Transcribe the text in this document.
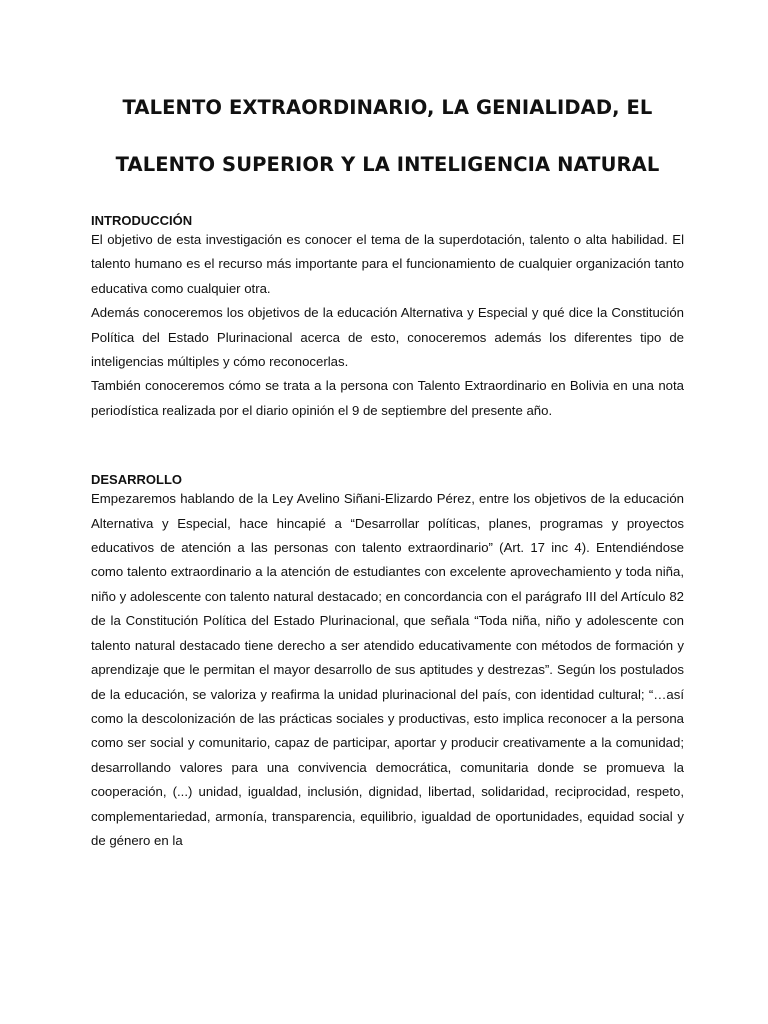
TALENTO EXTRAORDINARIO, LA GENIALIDAD, EL
TALENTO SUPERIOR Y LA INTELIGENCIA NATURAL
INTRODUCCIÓN

El objetivo de esta investigación es conocer el tema de la superdotación, talento o alta habilidad. El talento humano es el recurso más importante para el funcionamiento de cualquier organización tanto educativa como cualquier otra.

Además conoceremos los objetivos de la educación Alternativa y Especial y qué dice la Constitución Política del Estado Plurinacional acerca de esto, conoceremos además los diferentes tipo de inteligencias múltiples y cómo reconocerlas.

También conoceremos cómo se trata a la persona con Talento Extraordinario en Bolivia en una nota periodística realizada por el diario opinión el 9 de septiembre del presente año.

DESARROLLO

Empezaremos hablando de la Ley Avelino Siñani-Elizardo Pérez, entre los objetivos de la educación Alternativa y Especial, hace hincapié a “Desarrollar políticas, planes, programas y proyectos educativos de atención a las personas con talento extraordinario” (Art. 17 inc 4). Entendiéndose como talento extraordinario a la atención de estudiantes con excelente aprovechamiento y toda niña, niño y adolescente con talento natural destacado; en concordancia con el parágrafo III del Artículo 82 de la Constitución Política del Estado Plurinacional, que señala “Toda niña, niño y adolescente con talento natural destacado tiene derecho a ser atendido educativamente con métodos de formación y aprendizaje que le permitan el mayor desarrollo de sus aptitudes y destrezas”. Según los postulados de la educación, se valoriza y reafirma la unidad plurinacional del país, con identidad cultural; “…así como la descolonización de las prácticas sociales y productivas, esto implica reconocer a la persona como ser social y comunitario, capaz de participar, aportar y producir creativamente a la comunidad; desarrollando valores para una convivencia democrática, comunitaria donde se promueva la cooperación, (...) unidad, igualdad, inclusión, dignidad, libertad, solidaridad, reciprocidad, respeto, complementariedad, armonía, transparencia, equilibrio, igualdad de oportunidades, equidad social y de género en la
